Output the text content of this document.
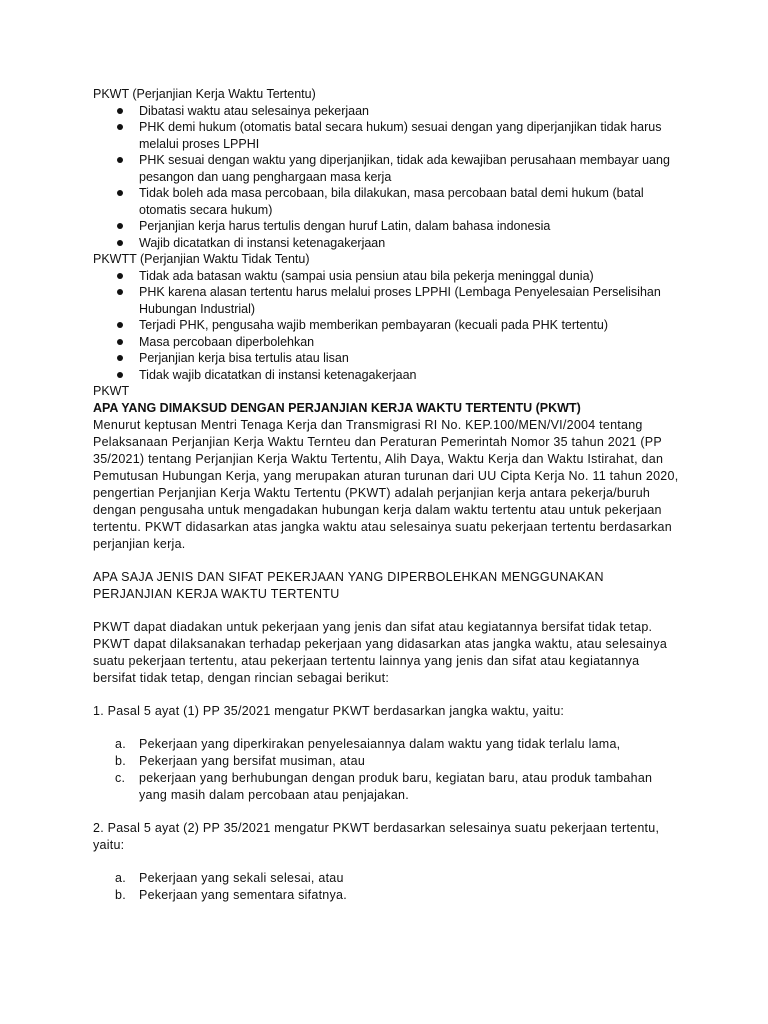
PKWT (Perjanjian Kerja Waktu Tertentu)
Dibatasi waktu atau selesainya pekerjaan
PHK demi hukum (otomatis batal secara hukum) sesuai dengan yang diperjanjikan tidak harus melalui proses LPPHI
PHK sesuai dengan waktu yang diperjanjikan, tidak ada kewajiban perusahaan membayar uang pesangon dan uang penghargaan masa kerja
Tidak boleh ada masa percobaan, bila dilakukan, masa percobaan batal demi hukum (batal otomatis secara hukum)
Perjanjian kerja harus tertulis dengan huruf Latin, dalam bahasa indonesia
Wajib dicatatkan di instansi ketenagakerjaan
PKWTT (Perjanjian Waktu Tidak Tentu)
Tidak ada batasan waktu (sampai usia pensiun atau bila pekerja meninggal dunia)
PHK karena alasan tertentu harus melalui proses LPPHI (Lembaga Penyelesaian Perselisihan Hubungan Industrial)
Terjadi PHK, pengusaha wajib memberikan pembayaran (kecuali pada PHK tertentu)
Masa percobaan diperbolehkan
Perjanjian kerja bisa tertulis atau lisan
Tidak wajib dicatatkan di instansi ketenagakerjaan
PKWT
APA YANG DIMAKSUD DENGAN PERJANJIAN KERJA WAKTU TERTENTU (PKWT)
Menurut keptusan Mentri Tenaga Kerja dan Transmigrasi RI No. KEP.100/MEN/VI/2004 tentang Pelaksanaan Perjanjian Kerja Waktu Ternteu dan Peraturan Pemerintah Nomor 35 tahun 2021 (PP 35/2021) tentang Perjanjian Kerja Waktu Tertentu, Alih Daya, Waktu Kerja dan Waktu Istirahat, dan Pemutusan Hubungan Kerja, yang merupakan aturan turunan dari UU Cipta Kerja No. 11 tahun 2020, pengertian Perjanjian Kerja Waktu Tertentu (PKWT) adalah perjanjian kerja antara pekerja/buruh dengan pengusaha untuk mengadakan hubungan kerja dalam waktu tertentu atau untuk pekerjaan tertentu. PKWT didasarkan atas jangka waktu atau selesainya suatu pekerjaan tertentu berdasarkan perjanjian kerja.
APA SAJA JENIS DAN SIFAT PEKERJAAN YANG DIPERBOLEHKAN MENGGUNAKAN PERJANJIAN KERJA WAKTU TERTENTU
PKWT dapat diadakan untuk pekerjaan yang jenis dan sifat atau kegiatannya bersifat tidak tetap. PKWT dapat dilaksanakan terhadap pekerjaan yang didasarkan atas jangka waktu, atau selesainya suatu pekerjaan tertentu, atau pekerjaan tertentu lainnya yang jenis dan sifat atau kegiatannya bersifat tidak tetap, dengan rincian sebagai berikut:
1. Pasal 5 ayat (1) PP 35/2021 mengatur PKWT berdasarkan jangka waktu, yaitu:
a. Pekerjaan yang diperkirakan penyelesaiannya dalam waktu yang tidak terlalu lama,
b. Pekerjaan yang bersifat musiman, atau
c. pekerjaan yang berhubungan dengan produk baru, kegiatan baru, atau produk tambahan yang masih dalam percobaan atau penjajakan.
2. Pasal 5 ayat (2) PP 35/2021 mengatur PKWT berdasarkan selesainya suatu pekerjaan tertentu, yaitu:
a. Pekerjaan yang sekali selesai, atau
b. Pekerjaan yang sementara sifatnya.
